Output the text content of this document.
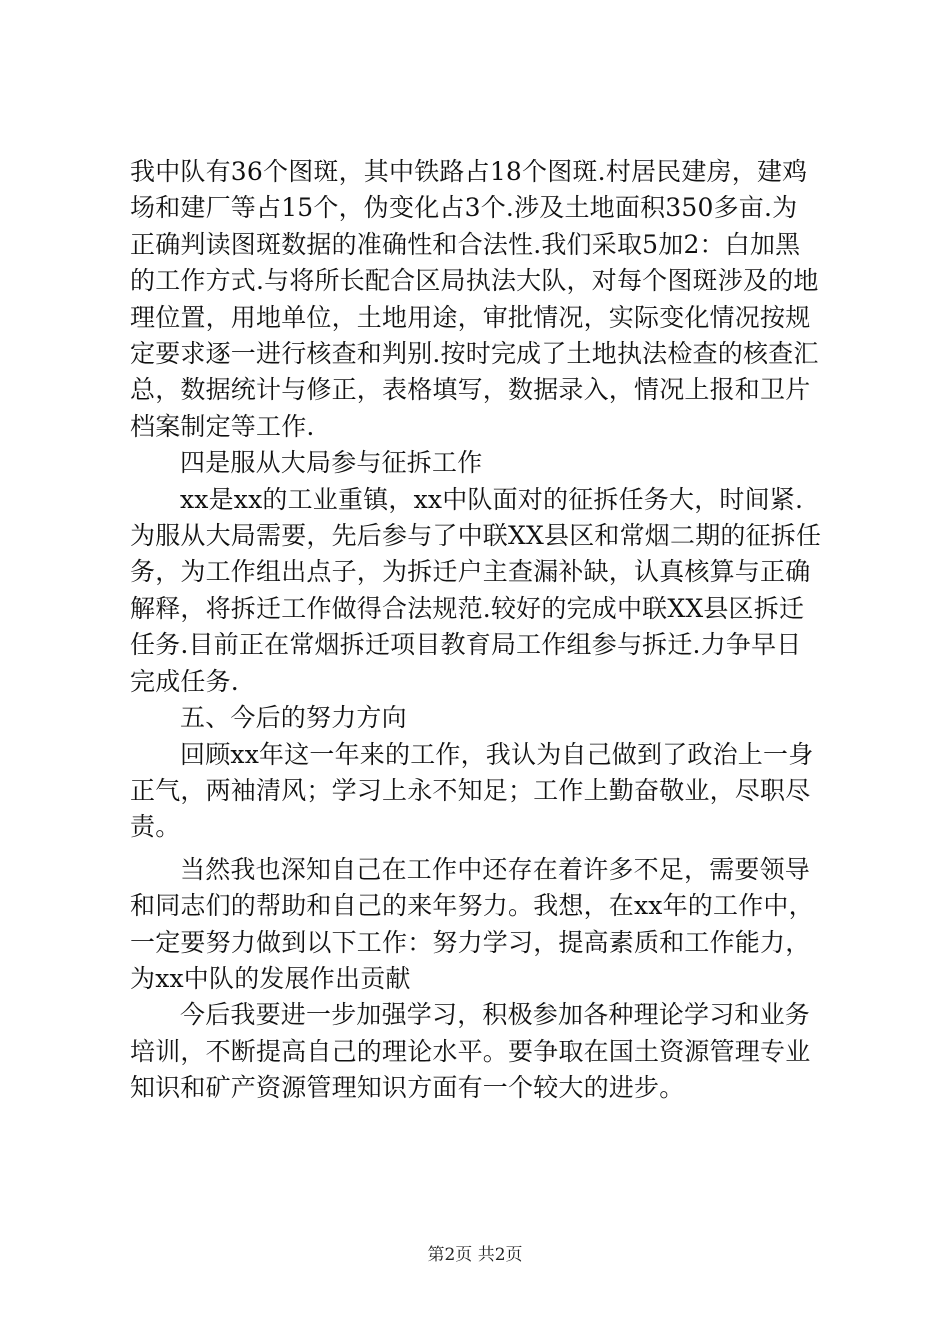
我中队有36个图斑，其中铁路占18个图斑.村居民建房，建鸡
场和建厂等占15个，伪变化占3个.涉及土地面积350多亩.为
正确判读图斑数据的准确性和合法性.我们采取5加2：白加黑
的工作方式.与将所长配合区局执法大队，对每个图斑涉及的地
理位置，用地单位，土地用途，审批情况，实际变化情况按规
定要求逐一进行核查和判别.按时完成了土地执法检查的核查汇
总，数据统计与修正，表格填写，数据录入，情况上报和卫片
档案制定等工作.
四是服从大局参与征拆工作
xx是xx的工业重镇，xx中队面对的征拆任务大，时间紧.
为服从大局需要，先后参与了中联XX县区和常烟二期的征拆任
务，为工作组出点子，为拆迁户主查漏补缺，认真核算与正确
解释，将拆迁工作做得合法规范.较好的完成中联XX县区拆迁
任务.目前正在常烟拆迁项目教育局工作组参与拆迁.力争早日
完成任务.
五、今后的努力方向
回顾xx年这一年来的工作，我认为自己做到了政治上一身
正气，两袖清风；学习上永不知足；工作上勤奋敬业，尽职尽
责。
当然我也深知自己在工作中还存在着许多不足，需要领导
和同志们的帮助和自己的来年努力。我想，在xx年的工作中，
一定要努力做到以下工作：努力学习，提高素质和工作能力，
为xx中队的发展作出贡献
今后我要进一步加强学习，积极参加各种理论学习和业务
培训，不断提高自己的理论水平。要争取在国土资源管理专业
知识和矿产资源管理知识方面有一个较大的进步。
第2页 共2页
